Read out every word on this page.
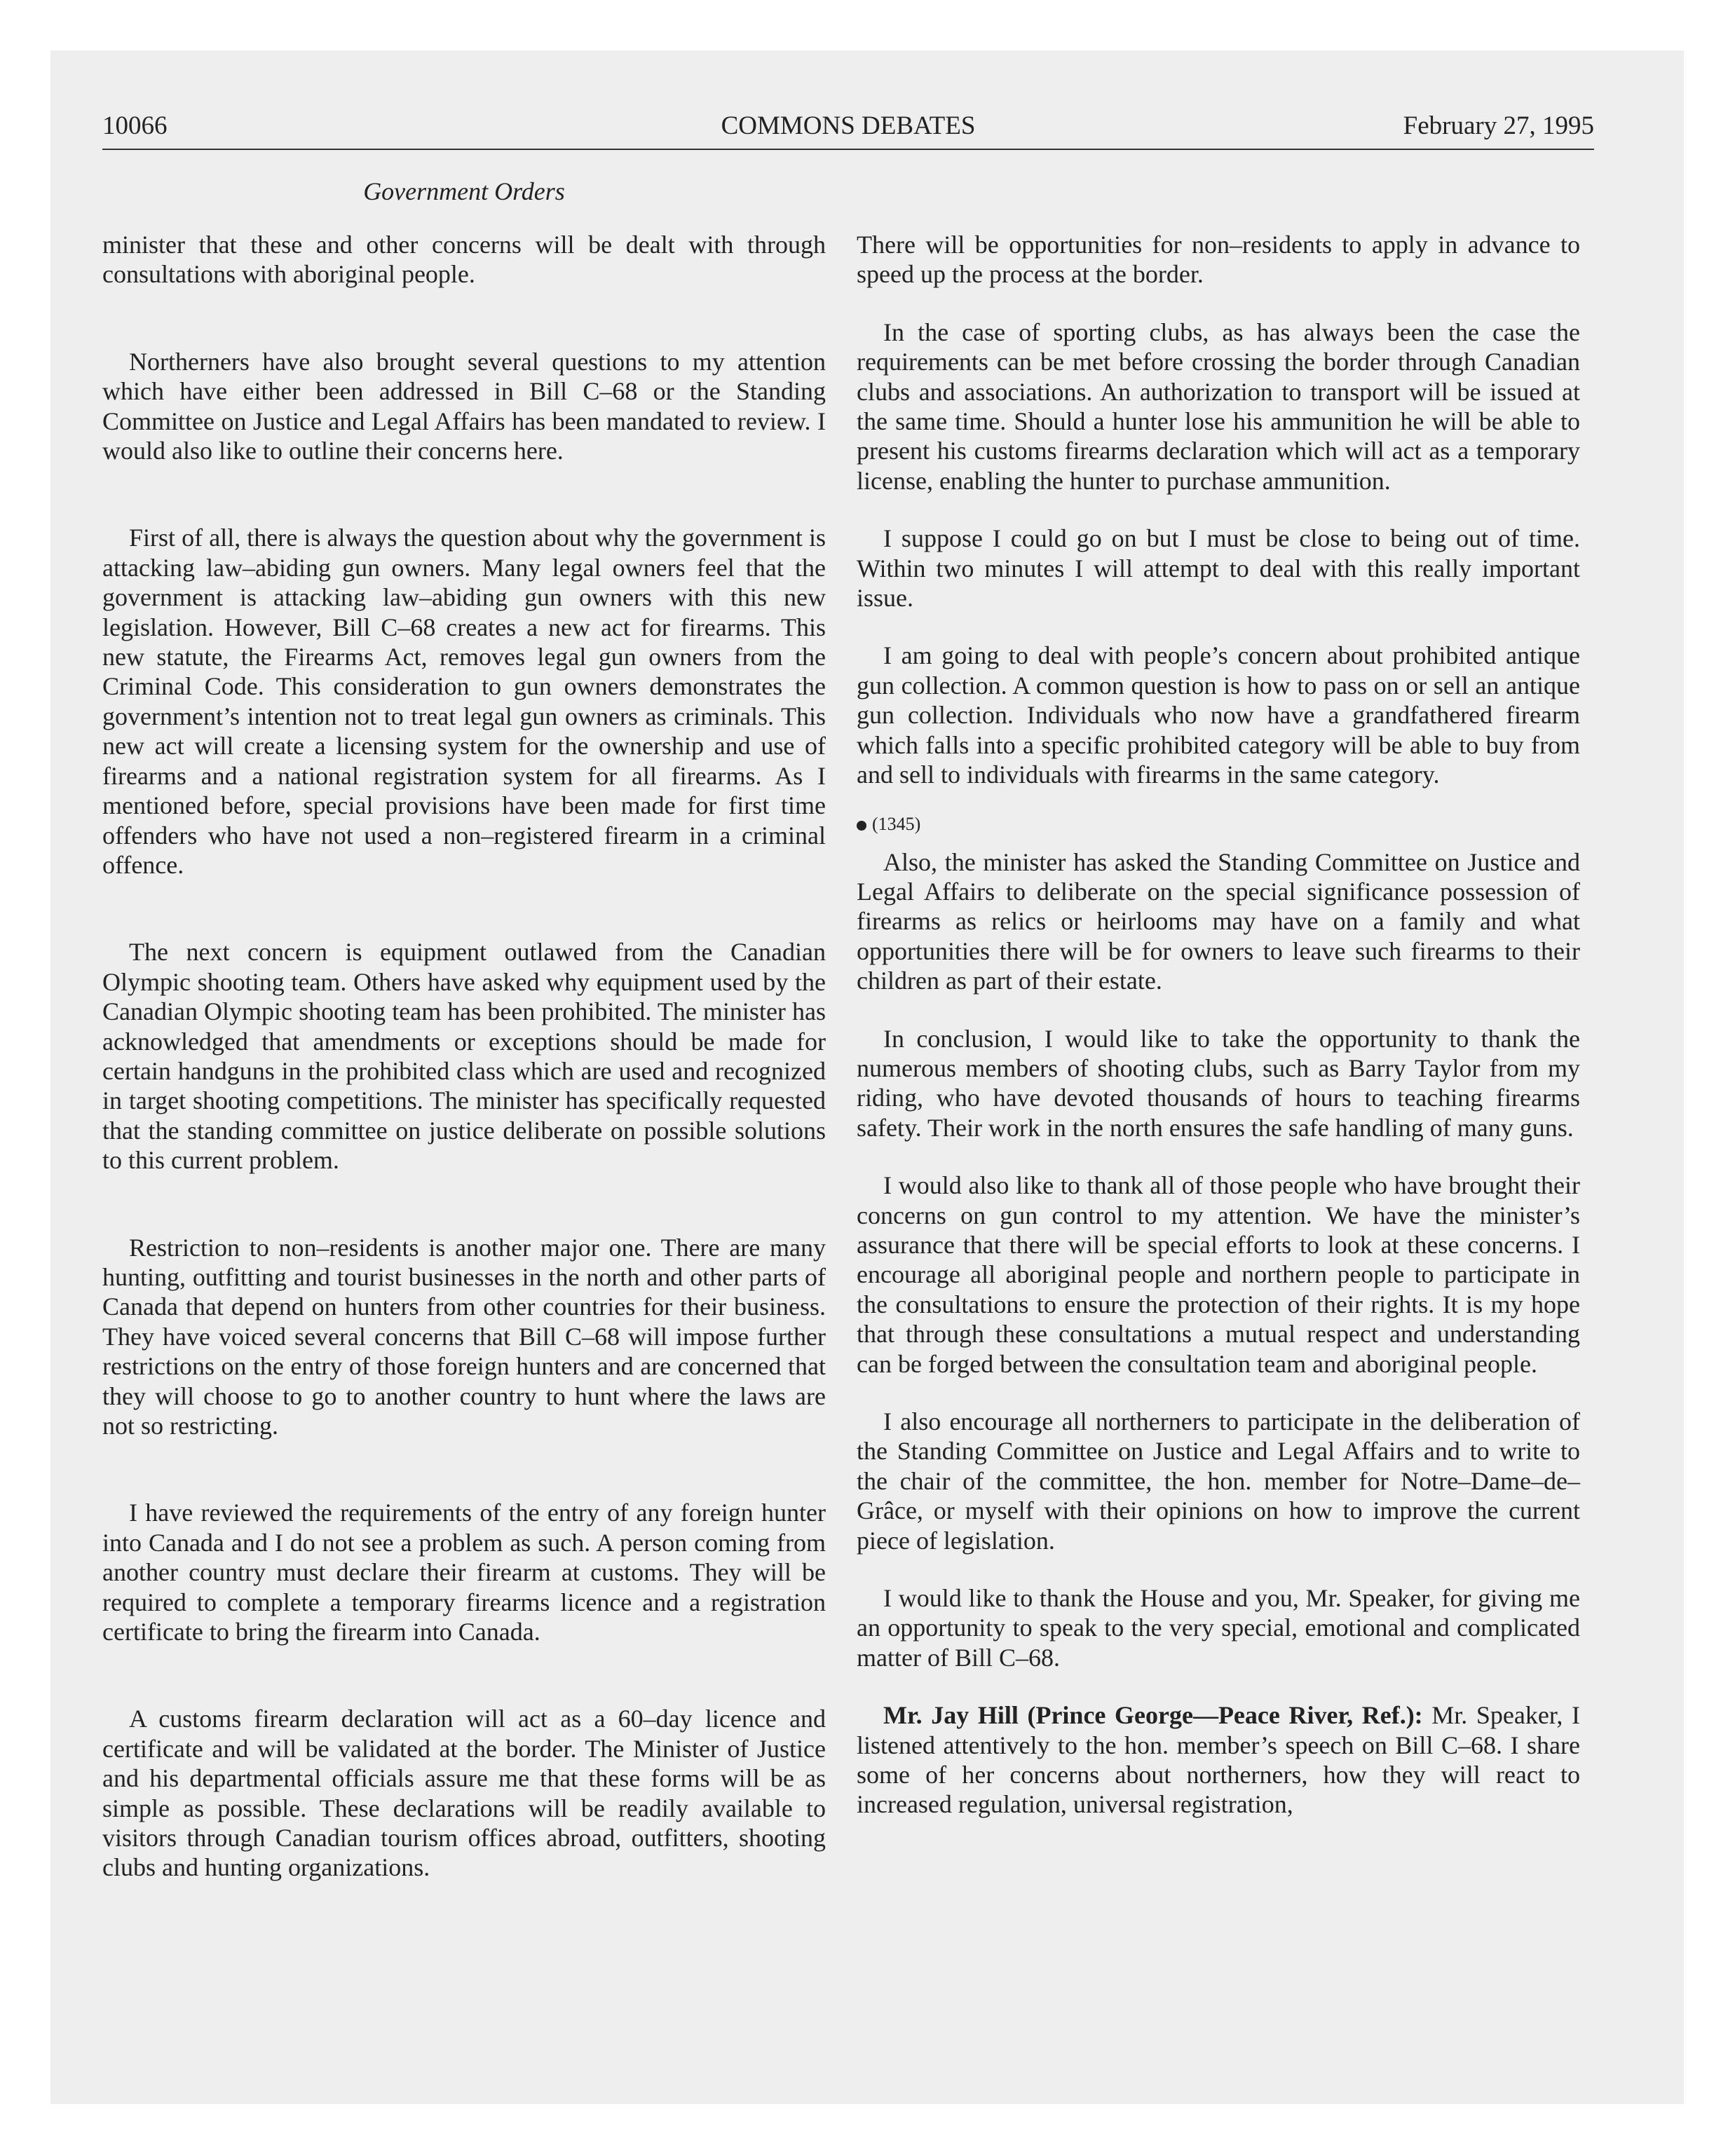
10066	COMMONS DEBATES	February 27, 1995
Government Orders

minister that these and other concerns will be dealt with through consultations with aboriginal people.

Northerners have also brought several questions to my attention which have either been addressed in Bill C–68 or the Standing Committee on Justice and Legal Affairs has been mandated to review. I would also like to outline their concerns here.

First of all, there is always the question about why the government is attacking law–abiding gun owners. Many legal owners feel that the government is attacking law–abiding gun owners with this new legislation. However, Bill C–68 creates a new act for firearms. This new statute, the Firearms Act, removes legal gun owners from the Criminal Code. This consideration to gun owners demonstrates the government’s intention not to treat legal gun owners as criminals. This new act will create a licensing system for the ownership and use of firearms and a national registration system for all firearms. As I mentioned before, special provisions have been made for first time offenders who have not used a non–registered firearm in a criminal offence.

The next concern is equipment outlawed from the Canadian Olympic shooting team. Others have asked why equipment used by the Canadian Olympic shooting team has been prohibited. The minister has acknowledged that amendments or exceptions should be made for certain handguns in the prohibited class which are used and recognized in target shooting competitions. The minister has specifically requested that the standing committee on justice deliberate on possible solutions to this current problem.

Restriction to non–residents is another major one. There are many hunting, outfitting and tourist businesses in the north and other parts of Canada that depend on hunters from other countries for their business. They have voiced several concerns that Bill C–68 will impose further restrictions on the entry of those foreign hunters and are concerned that they will choose to go to another country to hunt where the laws are not so restricting.

I have reviewed the requirements of the entry of any foreign hunter into Canada and I do not see a problem as such. A person coming from another country must declare their firearm at customs. They will be required to complete a temporary firearms licence and a registration certificate to bring the firearm into Canada.

A customs firearm declaration will act as a 60–day licence and certificate and will be validated at the border. The Minister of Justice and his departmental officials assure me that these forms will be as simple as possible. These declarations will be readily available to visitors through Canadian tourism offices abroad, outfitters, shooting clubs and hunting organizations.

There will be opportunities for non–residents to apply in advance to speed up the process at the border.

In the case of sporting clubs, as has always been the case the requirements can be met before crossing the border through Canadian clubs and associations. An authorization to transport will be issued at the same time. Should a hunter lose his ammunition he will be able to present his customs firearms declaration which will act as a temporary license, enabling the hunter to purchase ammunition.

I suppose I could go on but I must be close to being out of time. Within two minutes I will attempt to deal with this really important issue.

I am going to deal with people’s concern about prohibited antique gun collection. A common question is how to pass on or sell an antique gun collection. Individuals who now have a grandfathered firearm which falls into a specific prohibited category will be able to buy from and sell to individuals with firearms in the same category.

(1345)

Also, the minister has asked the Standing Committee on Justice and Legal Affairs to deliberate on the special significance possession of firearms as relics or heirlooms may have on a family and what opportunities there will be for owners to leave such firearms to their children as part of their estate.

In conclusion, I would like to take the opportunity to thank the numerous members of shooting clubs, such as Barry Taylor from my riding, who have devoted thousands of hours to teaching firearms safety. Their work in the north ensures the safe handling of many guns.

I would also like to thank all of those people who have brought their concerns on gun control to my attention. We have the minister’s assurance that there will be special efforts to look at these concerns. I encourage all aboriginal people and northern people to participate in the consultations to ensure the protection of their rights. It is my hope that through these consultations a mutual respect and understanding can be forged between the consultation team and aboriginal people.

I also encourage all northerners to participate in the deliberation of the Standing Committee on Justice and Legal Affairs and to write to the chair of the committee, the hon. member for Notre–Dame–de–Grâce, or myself with their opinions on how to improve the current piece of legislation.

I would like to thank the House and you, Mr. Speaker, for giving me an opportunity to speak to the very special, emotional and complicated matter of Bill C–68.

Mr. Jay Hill (Prince George—Peace River, Ref.): Mr. Speaker, I listened attentively to the hon. member’s speech on Bill C–68. I share some of her concerns about northerners, how they will react to increased regulation, universal registration,
